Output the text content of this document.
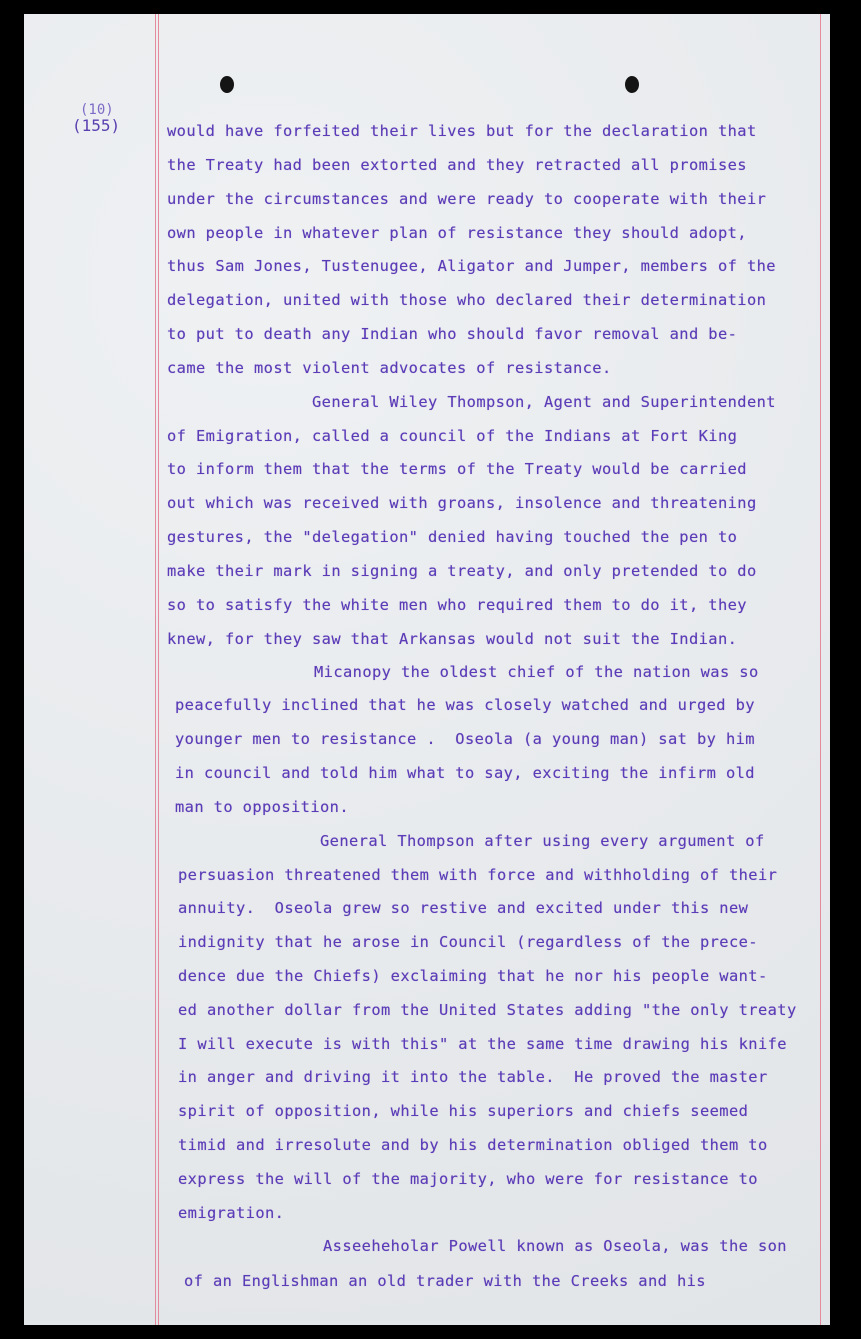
(10)
(155)	would have forfeited their lives but for the declaration that

the Treaty had been extorted and they retracted all promises

under the circumstances and were ready to cooperate with their

own people in whatever plan of resistance they should adopt,

thus Sam Jones, Tustenugee, Aligator and Jumper, members of the

delegation, united with those who declared their determination

to put to death any Indian who should favor removal and be-

came the most violent advocates of resistance.

General Wiley Thompson, Agent and Superintendent

of Emigration, called a council of the Indians at Fort King

to inform them that the terms of the Treaty would be carried

out which was received with groans, insolence and threatening

gestures, the "delegation" denied having touched the pen to

make their mark in signing a treaty, and only pretended to do

so to satisfy the white men who required them to do it, they

knew, for they saw that Arkansas would not suit the Indian.

Micanopy the oldest chief of the nation was so

peacefully inclined that he was closely watched and urged by

younger men to resistance .  Oseola (a young man) sat by him

in council and told him what to say, exciting the infirm old

man to opposition.

General Thompson after using every argument of

persuasion threatened them with force and withholding of their

annuity.  Oseola grew so restive and excited under this new

indignity that he arose in Council (regardless of the prece-

dence due the Chiefs) exclaiming that he nor his people want-

ed another dollar from the United States adding "the only treaty

I will execute is with this" at the same time drawing his knife

in anger and driving it into the table.  He proved the master

spirit of opposition, while his superiors and chiefs seemed

timid and irresolute and by his determination obliged them to

express the will of the majority, who were for resistance to

emigration.

Asseeheholar Powell known as Oseola, was the son

of an Englishman an old trader with the Creeks and his
